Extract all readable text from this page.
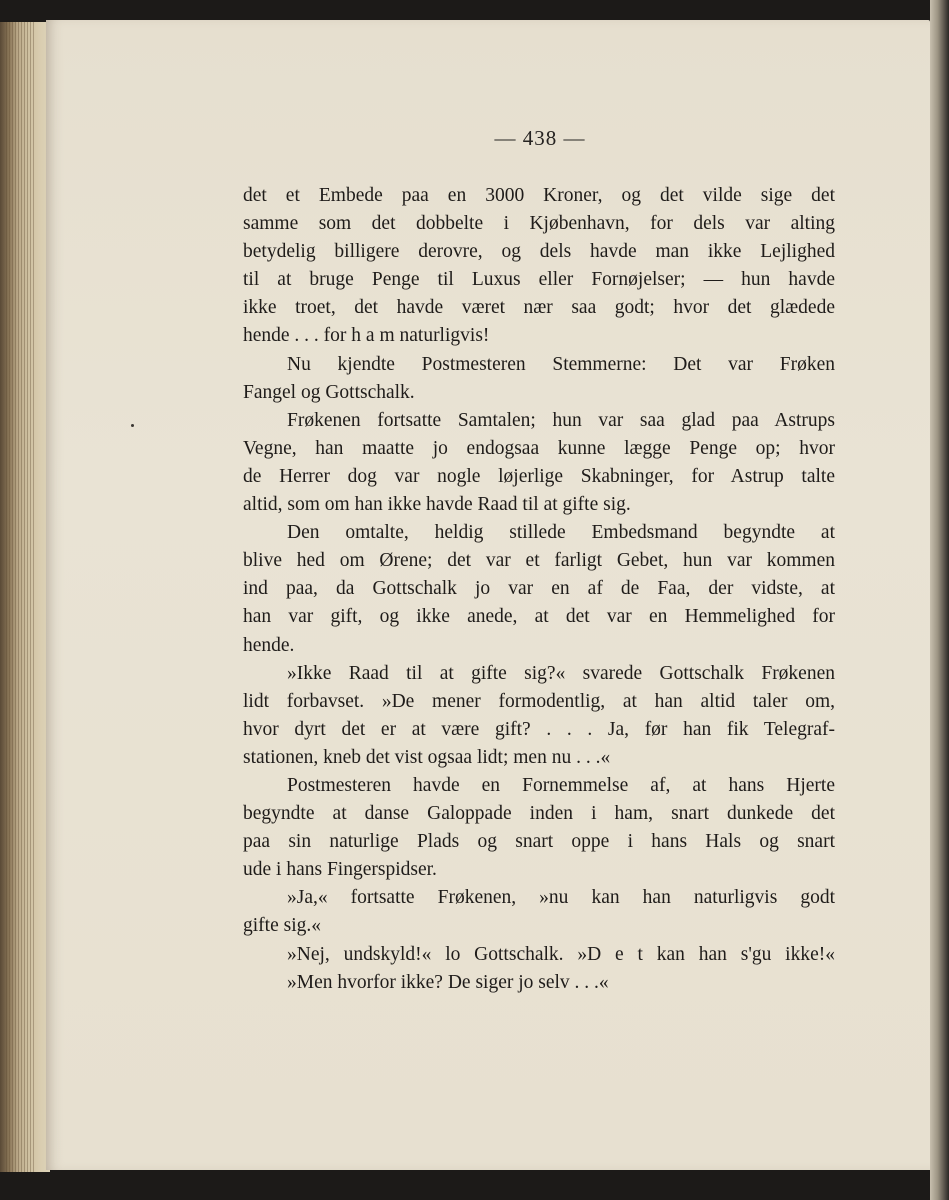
— 438 —

det et Embede paa en 3000 Kroner, og det vilde sige det
samme som det dobbelte i Kjøbenhavn, for dels var alting
betydelig billigere derovre, og dels havde man ikke Lejlighed
til at bruge Penge til Luxus eller Fornøjelser; — hun havde
ikke troet, det havde været nær saa godt; hvor det glædede
hende . . . for h a m naturligvis!

Nu kjendte Postmesteren Stemmerne: Det var Frøken
Fangel og Gottschalk.

Frøkenen fortsatte Samtalen; hun var saa glad paa Astrups
Vegne, han maatte jo endogsaa kunne lægge Penge op; hvor
de Herrer dog var nogle løjerlige Skabninger, for Astrup talte
altid, som om han ikke havde Raad til at gifte sig.

Den omtalte, heldig stillede Embedsmand begyndte at
blive hed om Ørene; det var et farligt Gebet, hun var kommen
ind paa, da Gottschalk jo var en af de Faa, der vidste, at
han var gift, og ikke anede, at det var en Hemmelighed for
hende.

»Ikke Raad til at gifte sig?« svarede Gottschalk Frøkenen
lidt forbavset. »De mener formodentlig, at han altid taler om,
hvor dyrt det er at være gift? . . . Ja, før han fik Telegraf-
stationen, kneb det vist ogsaa lidt; men nu . . .«

Postmesteren havde en Fornemmelse af, at hans Hjerte
begyndte at danse Galoppade inden i ham, snart dunkede det
paa sin naturlige Plads og snart oppe i hans Hals og snart
ude i hans Fingerspidser.

»Ja,« fortsatte Frøkenen, »nu kan han naturligvis godt
gifte sig.«

»Nej, undskyld!« lo Gottschalk. »D e t kan han s'gu ikke!«

»Men hvorfor ikke? De siger jo selv . . .«
